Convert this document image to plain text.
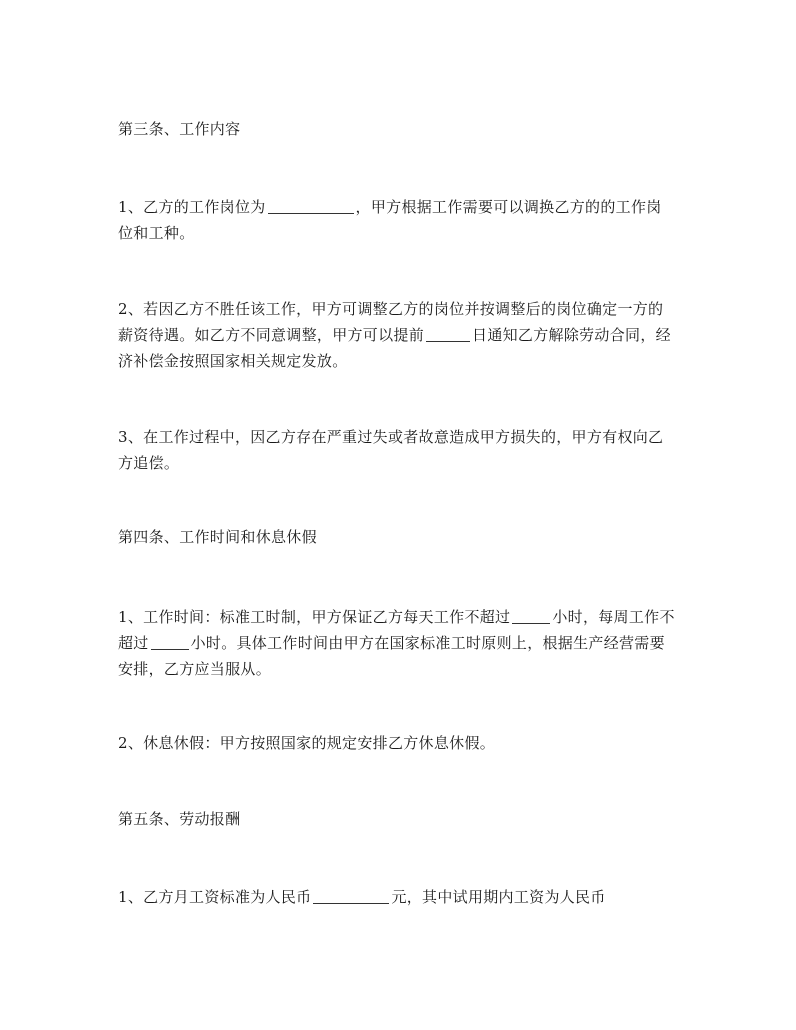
第三条、工作内容
1、乙方的工作岗位为	，甲方根据工作需要可以调换乙方的的工作岗
位和工种。
2、若因乙方不胜任该工作，甲方可调整乙方的岗位并按调整后的岗位确定一方的
薪资待遇。如乙方不同意调整，甲方可以提前	日通知乙方解除劳动合同，经
济补偿金按照国家相关规定发放。
3、在工作过程中，因乙方存在严重过失或者故意造成甲方损失的，甲方有权向乙
方追偿。
第四条、工作时间和休息休假
1、工作时间：标准工时制，甲方保证乙方每天工作不超过	小时，每周工作不
超过	小时。具体工作时间由甲方在国家标准工时原则上，根据生产经营需要
安排，乙方应当服从。
2、休息休假：甲方按照国家的规定安排乙方休息休假。
第五条、劳动报酬
1、乙方月工资标准为人民币	元，其中试用期内工资为人民币
